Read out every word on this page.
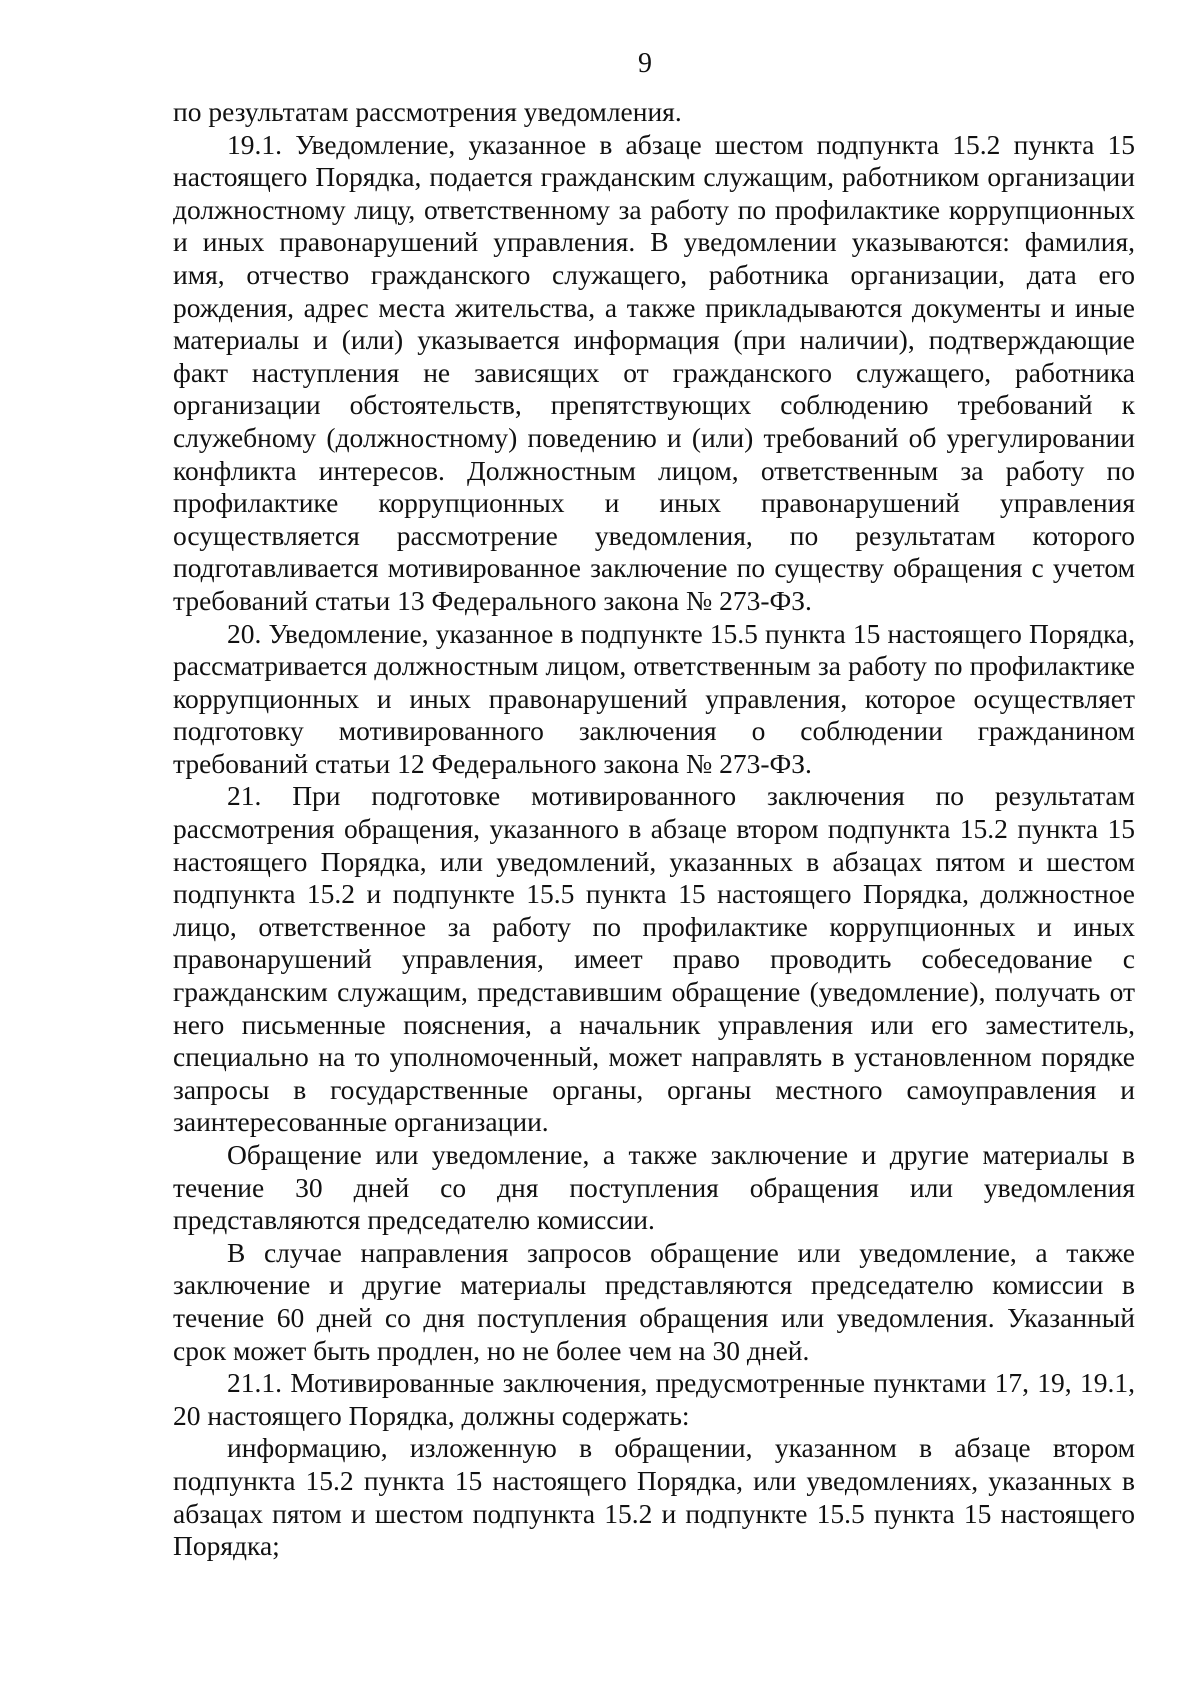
9

по результатам рассмотрения уведомления.

19.1. Уведомление, указанное в абзаце шестом подпункта 15.2 пункта 15 настоящего Порядка, подается гражданским служащим, работником организации должностному лицу, ответственному за работу по профилактике коррупционных и иных правонарушений управления. В уведомлении указываются: фамилия, имя, отчество гражданского служащего, работника организации, дата его рождения, адрес места жительства, а также прикладываются документы и иные материалы и (или) указывается информация (при наличии), подтверждающие факт наступления не зависящих от гражданского служащего, работника организации обстоятельств, препятствующих соблюдению требований к служебному (должностному) поведению и (или) требований об урегулировании конфликта интересов. Должностным лицом, ответственным за работу по профилактике коррупционных и иных правонарушений управления осуществляется рассмотрение уведомления, по результатам которого подготавливается мотивированное заключение по существу обращения с учетом требований статьи 13 Федерального закона № 273-ФЗ.

20. Уведомление, указанное в подпункте 15.5 пункта 15 настоящего Порядка, рассматривается должностным лицом, ответственным за работу по профилактике коррупционных и иных правонарушений управления, которое осуществляет подготовку мотивированного заключения о соблюдении гражданином требований статьи 12 Федерального закона № 273-ФЗ.

21. При подготовке мотивированного заключения по результатам рассмотрения обращения, указанного в абзаце втором подпункта 15.2 пункта 15 настоящего Порядка, или уведомлений, указанных в абзацах пятом и шестом подпункта 15.2 и подпункте 15.5 пункта 15 настоящего Порядка, должностное лицо, ответственное за работу по профилактике коррупционных и иных правонарушений управления, имеет право проводить собеседование с гражданским служащим, представившим обращение (уведомление), получать от него письменные пояснения, а начальник управления или его заместитель, специально на то уполномоченный, может направлять в установленном порядке запросы в государственные органы, органы местного самоуправления и заинтересованные организации.

Обращение или уведомление, а также заключение и другие материалы в течение 30 дней со дня поступления обращения или уведомления представляются председателю комиссии.

В случае направления запросов обращение или уведомление, а также заключение и другие материалы представляются председателю комиссии в течение 60 дней со дня поступления обращения или уведомления. Указанный срок может быть продлен, но не более чем на 30 дней.

21.1. Мотивированные заключения, предусмотренные пунктами 17, 19, 19.1, 20 настоящего Порядка, должны содержать:

информацию, изложенную в обращении, указанном в абзаце втором подпункта 15.2 пункта 15 настоящего Порядка, или уведомлениях, указанных в абзацах пятом и шестом подпункта 15.2 и подпункте 15.5 пункта 15 настоящего Порядка;
